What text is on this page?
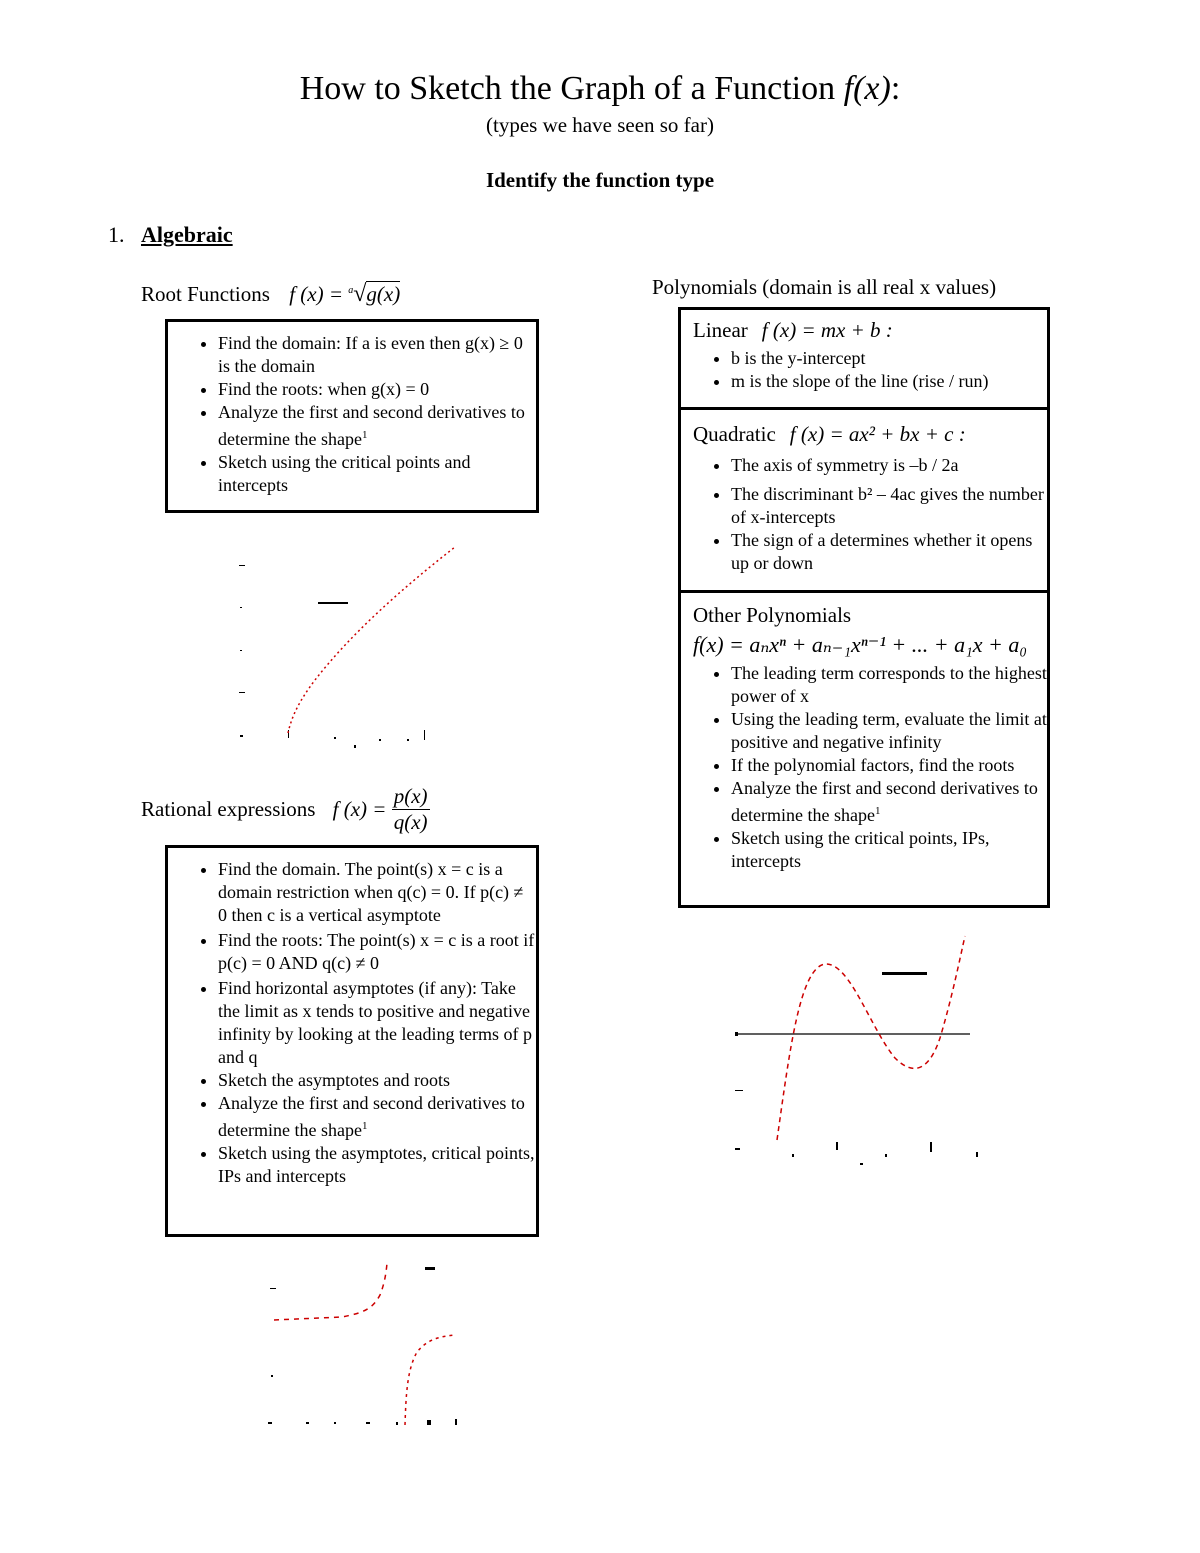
How to Sketch the Graph of a Function f(x):
(types we have seen so far)
Identify the function type
1. Algebraic
Root Functions f (x) = $^a$√g(x)
• Find the domain: If a is even then g(x) ≥ 0 is the domain
• Find the roots: when g(x) = 0
• Analyze the first and second derivatives to determine the shape$^1$
• Sketch using the critical points and intercepts
Rational expressions f $(x) = \frac{p(x)}{q(x)}$
• Find the domain. The point(s) x = c is a domain restriction when q(c) = 0. If p(c) ≠ 0 then c is a vertical asymptote
• Find the roots: The point(s) x = c is a root if p(c) = 0 AND q(c) ≠ 0
• Find horizontal asymptotes (if any): Take the limit as x tends to positive and negative infinity by looking at the leading terms of p and q
• Sketch the asymptotes and roots
• Analyze the first and second derivatives to determine the shape$^1$
• Sketch using the asymptotes, critical points, IPs and intercepts
Polynomials (domain is all real x values)
Linear f (x) = mx + b :
• b is the y-intercept
• m is the slope of the line (rise / run)
Quadratic f (x) = ax² + bx + c :
• The axis of symmetry is –b / 2a
• The discriminant b² – 4ac gives the number of x-intercepts
• The sign of a determines whether it opens up or down
Other Polynomials
f(x) = aₙxⁿ + aₙ₋₁xⁿ⁻¹ + ... + a₁x + a₀
• The leading term corresponds to the highest power of x
• Using the leading term, evaluate the limit at positive and negative infinity
• If the polynomial factors, find the roots
• Analyze the first and second derivatives to determine the shape$^1$
• Sketch using the critical points, IPs, intercepts
